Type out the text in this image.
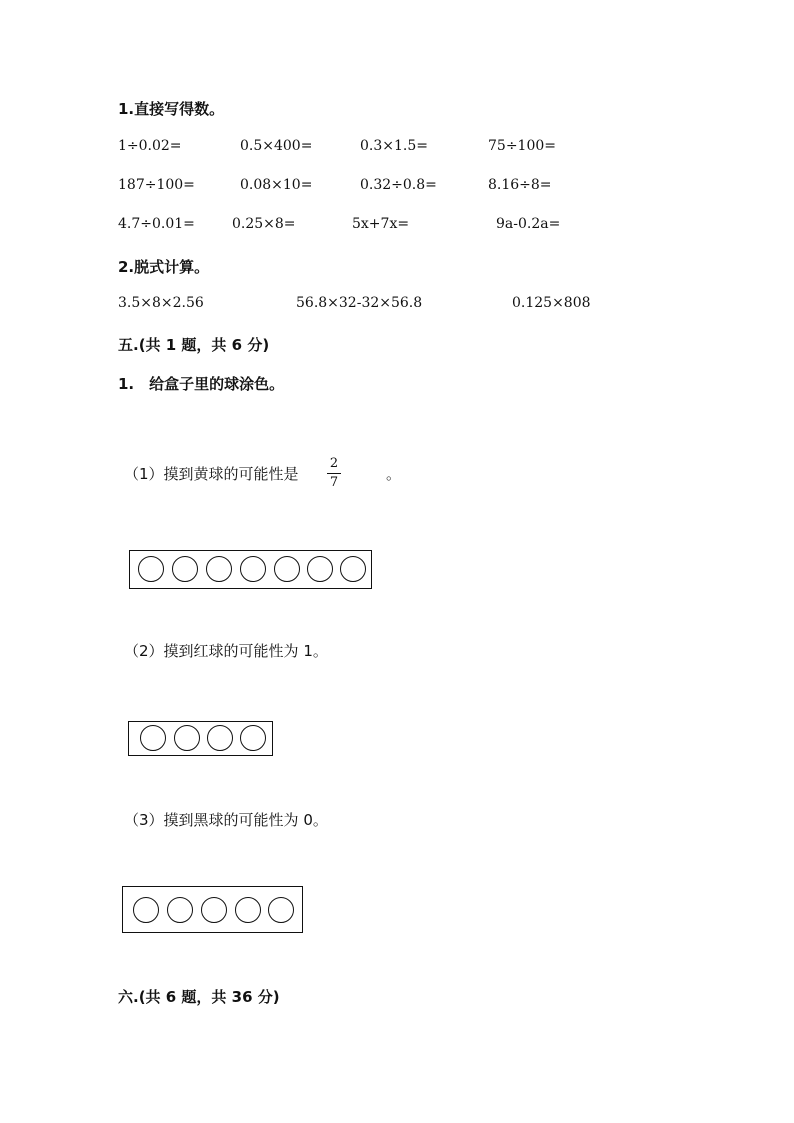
1.直接写得数。
1÷0.02=	0.5×400=	0.3×1.5=	75÷100=
187÷100=	0.08×10=	0.32÷0.8=	8.16÷8=
4.7÷0.01=	0.25×8=	5x+7x=	9a-0.2a=
2.脱式计算。
3.5×8×2.56	56.8×32-32×56.8	0.125×808
五.(共 1 题，共 6 分)
1.　给盒子里的球涂色。
（1）摸到黄球的可能性是
2
7	。
（2）摸到红球的可能性为 1。
（3）摸到黑球的可能性为 0。
六.(共 6 题，共 36 分)
